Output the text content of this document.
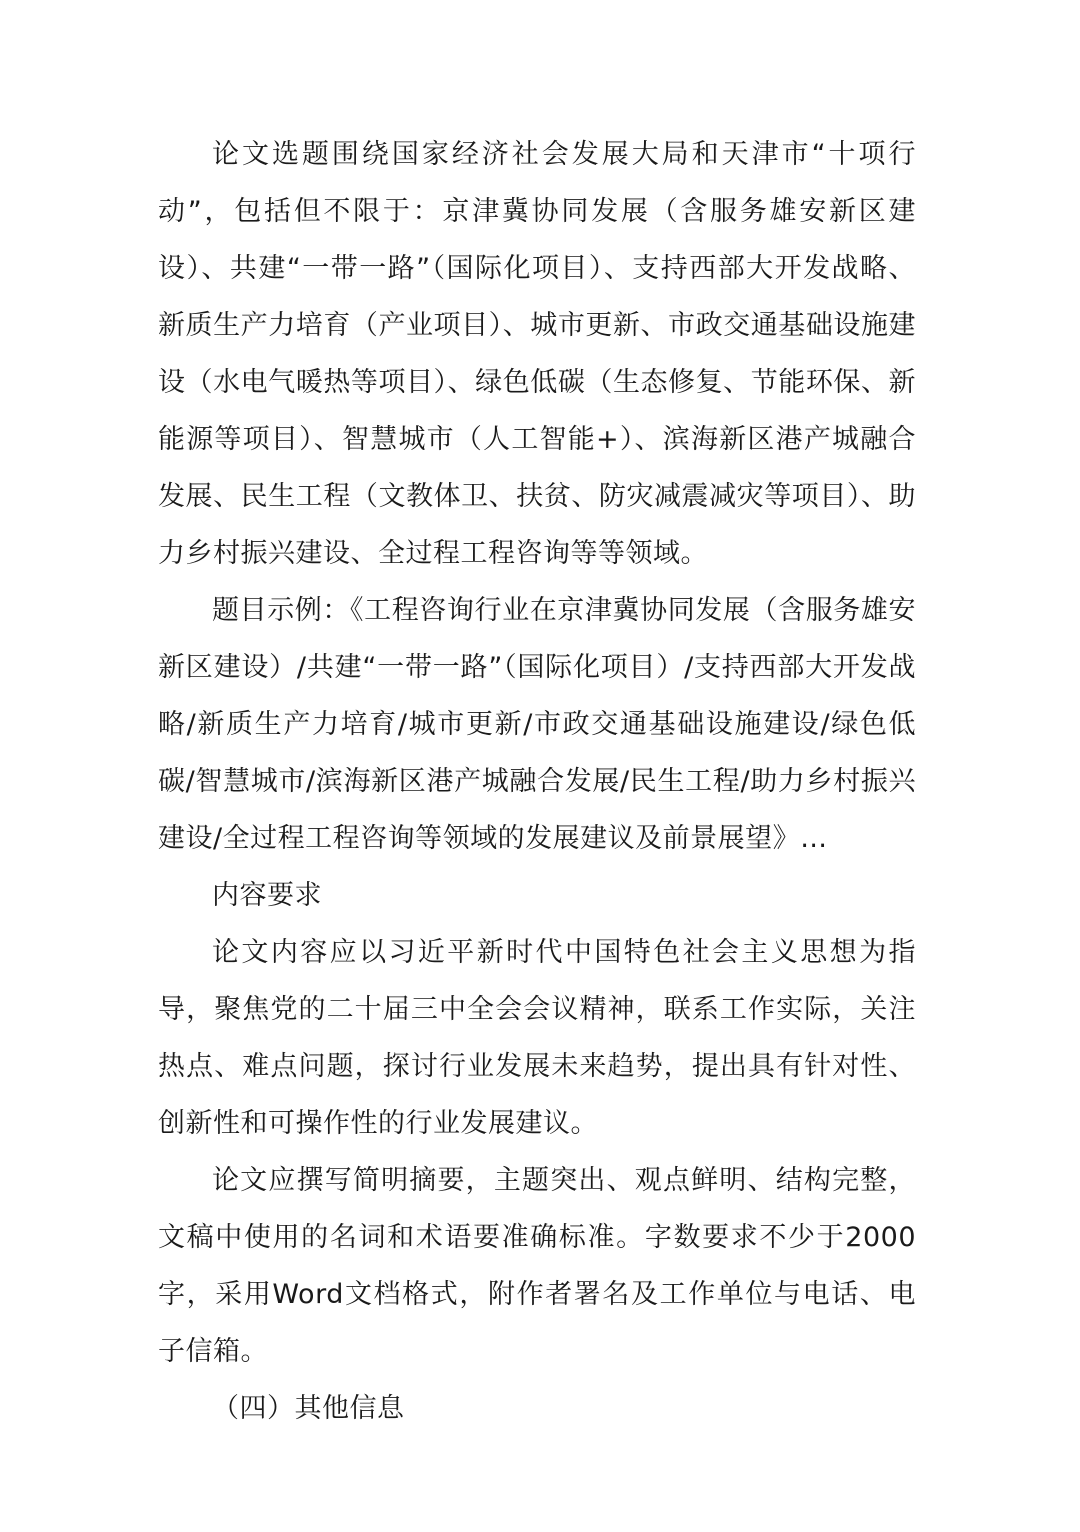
论文选题围绕国家经济社会发展大局和天津市“十项行动”，包括但不限于：京津冀协同发展（含服务雄安新区建设）、共建“一带一路”（国际化项目）、支持西部大开发战略、新质生产力培育（产业项目）、城市更新、市政交通基础设施建设（水电气暖热等项目）、绿色低碳（生态修复、节能环保、新能源等项目）、智慧城市（人工智能+）、滨海新区港产城融合发展、民生工程（文教体卫、扶贫、防灾减震减灾等项目）、助力乡村振兴建设、全过程工程咨询等等领域。

题目示例：《工程咨询行业在京津冀协同发展（含服务雄安新区建设）/共建“一带一路”（国际化项目）/支持西部大开发战略/新质生产力培育/城市更新/市政交通基础设施建设/绿色低碳/智慧城市/滨海新区港产城融合发展/民生工程/助力乡村振兴建设/全过程工程咨询等领域的发展建议及前景展望》…

内容要求

论文内容应以习近平新时代中国特色社会主义思想为指导，聚焦党的二十届三中全会会议精神，联系工作实际，关注热点、难点问题，探讨行业发展未来趋势，提出具有针对性、创新性和可操作性的行业发展建议。

论文应撰写简明摘要，主题突出、观点鲜明、结构完整，文稿中使用的名词和术语要准确标准。字数要求不少于2000字，采用Word文档格式，附作者署名及工作单位与电话、电子信箱。

（四）其他信息
